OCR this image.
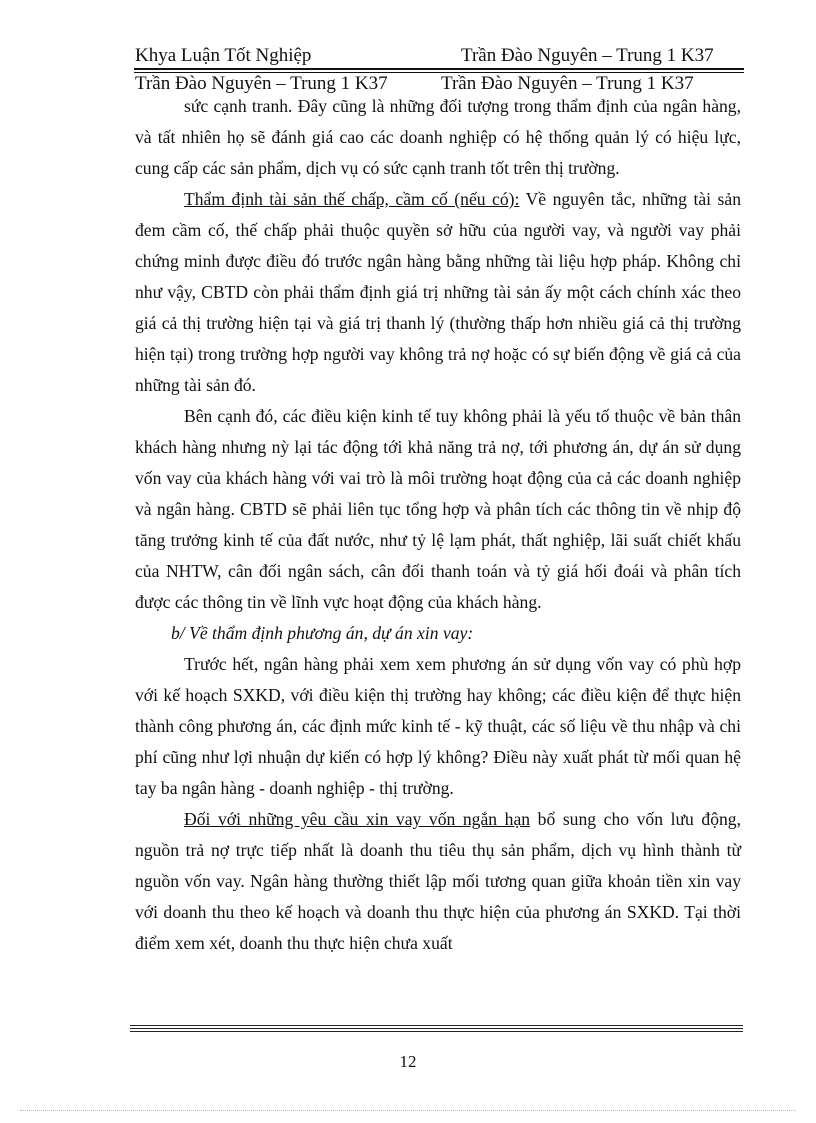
Khya Luận Tốt Nghiệp	Trần Đào Nguyên – Trung 1 K37
Trần Đào Nguyên – Trung 1 K37	Trần Đào Nguyên – Trung 1 K37

sức cạnh tranh. Đây cũng là những đối tượng trong thẩm định của ngân hàng, và tất nhiên họ sẽ đánh giá cao các doanh nghiệp có hệ thống quản lý có hiệu lực, cung cấp các sản phẩm, dịch vụ có sức cạnh tranh tốt trên thị trường.

Thẩm định tài sản thế chấp, cầm cố (nếu có): Về nguyên tắc, những tài sản đem cầm cố, thế chấp phải thuộc quyền sở hữu của người vay, và người vay phải chứng minh được điều đó trước ngân hàng bằng những tài liệu hợp pháp. Không chỉ như vậy, CBTD còn phải thẩm định giá trị những tài sản ấy một cách chính xác theo giá cả thị trường hiện tại và giá trị thanh lý (thường thấp hơn nhiều giá cả thị trường hiện tại) trong trường hợp người vay không trả nợ hoặc có sự biến động về giá cả của những tài sản đó.

Bên cạnh đó, các điều kiện kinh tế tuy không phải là yếu tố thuộc về bản thân khách hàng nhưng nỳ lại tác động tới khả năng trả nợ, tới phương án, dự án sử dụng vốn vay của khách hàng với vai trò là môi trường hoạt động của cả các doanh nghiệp và ngân hàng. CBTD sẽ phải liên tục tổng hợp và phân tích các thông tin về nhịp độ tăng trưởng kinh tế của đất nước, như tỷ lệ lạm phát, thất nghiệp, lãi suất chiết khấu của NHTW, cân đối ngân sách, cân đối thanh toán và tỷ giá hối đoái và phân tích được các thông tin về lĩnh vực hoạt động của khách hàng.

b/ Về thẩm định phương án, dự án xin vay:

Trước hết, ngân hàng phải xem xem phương án sử dụng vốn vay có phù hợp với kế hoạch SXKD, với điều kiện thị trường hay không; các điều kiện để thực hiện thành công phương án, các định mức kinh tế - kỹ thuật, các số liệu về thu nhập và chi phí cũng như lợi nhuận dự kiến có hợp lý không? Điều này xuất phát từ mối quan hệ tay ba ngân hàng - doanh nghiệp - thị trường.

Đối với những yêu cầu xin vay vốn ngắn hạn bổ sung cho vốn lưu động, nguồn trả nợ trực tiếp nhất là doanh thu tiêu thụ sản phẩm, dịch vụ hình thành từ nguồn vốn vay. Ngân hàng thường thiết lập mối tương quan giữa khoản tiền xin vay với doanh thu theo kế hoạch và doanh thu thực hiện của phương án SXKD. Tại thời điểm xem xét, doanh thu thực hiện chưa xuất

12
